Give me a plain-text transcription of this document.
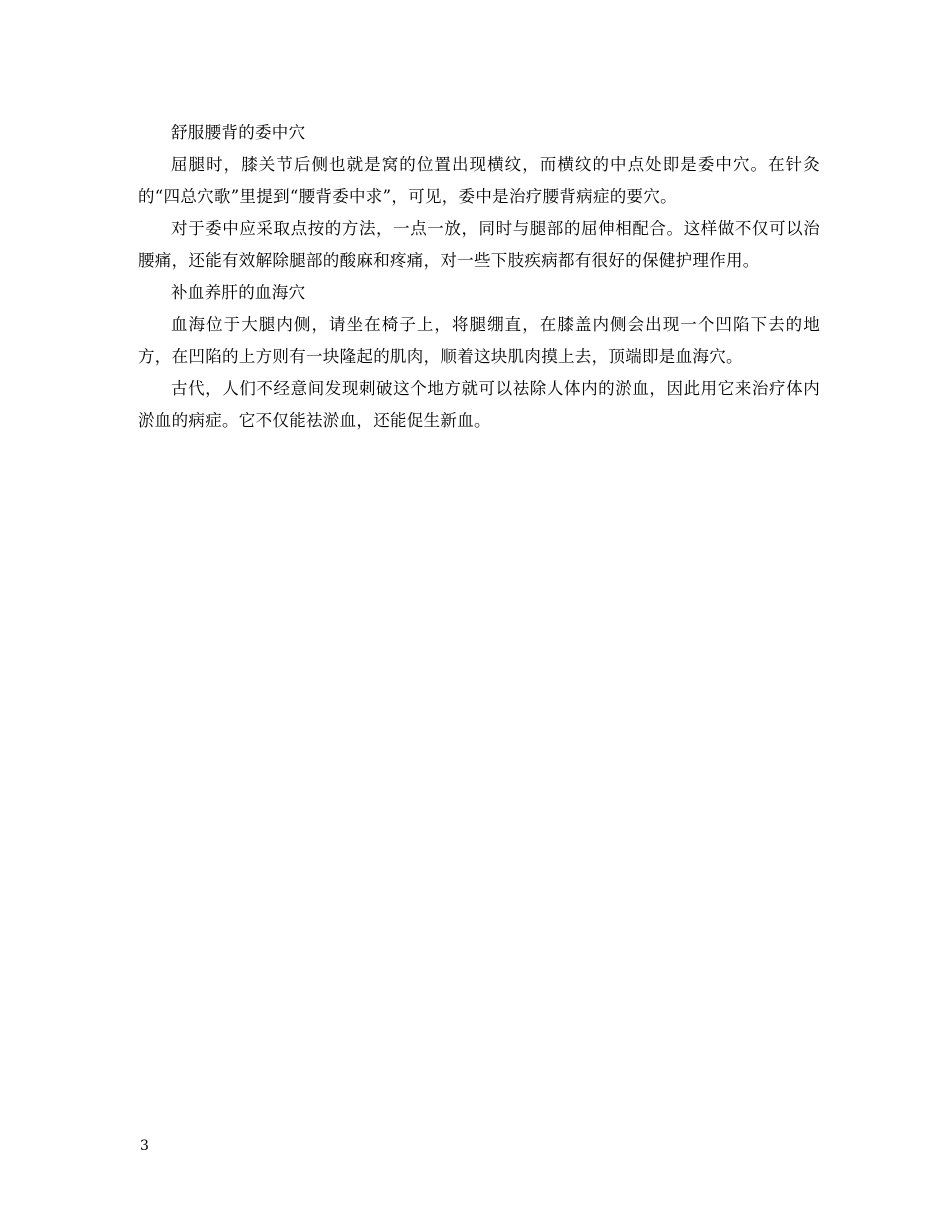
舒服腰背的委中穴

屈腿时，膝关节后侧也就是窝的位置出现横纹，而横纹的中点处即是委中穴。在针灸的“四总穴歌”里提到“腰背委中求”，可见，委中是治疗腰背病症的要穴。

对于委中应采取点按的方法，一点一放，同时与腿部的屈伸相配合。这样做不仅可以治腰痛，还能有效解除腿部的酸麻和疼痛，对一些下肢疾病都有很好的保健护理作用。

补血养肝的血海穴

血海位于大腿内侧，请坐在椅子上，将腿绷直，在膝盖内侧会出现一个凹陷下去的地方，在凹陷的上方则有一块隆起的肌肉，顺着这块肌肉摸上去，顶端即是血海穴。

古代，人们不经意间发现刺破这个地方就可以祛除人体内的淤血，因此用它来治疗体内淤血的病症。它不仅能祛淤血，还能促生新血。

3
